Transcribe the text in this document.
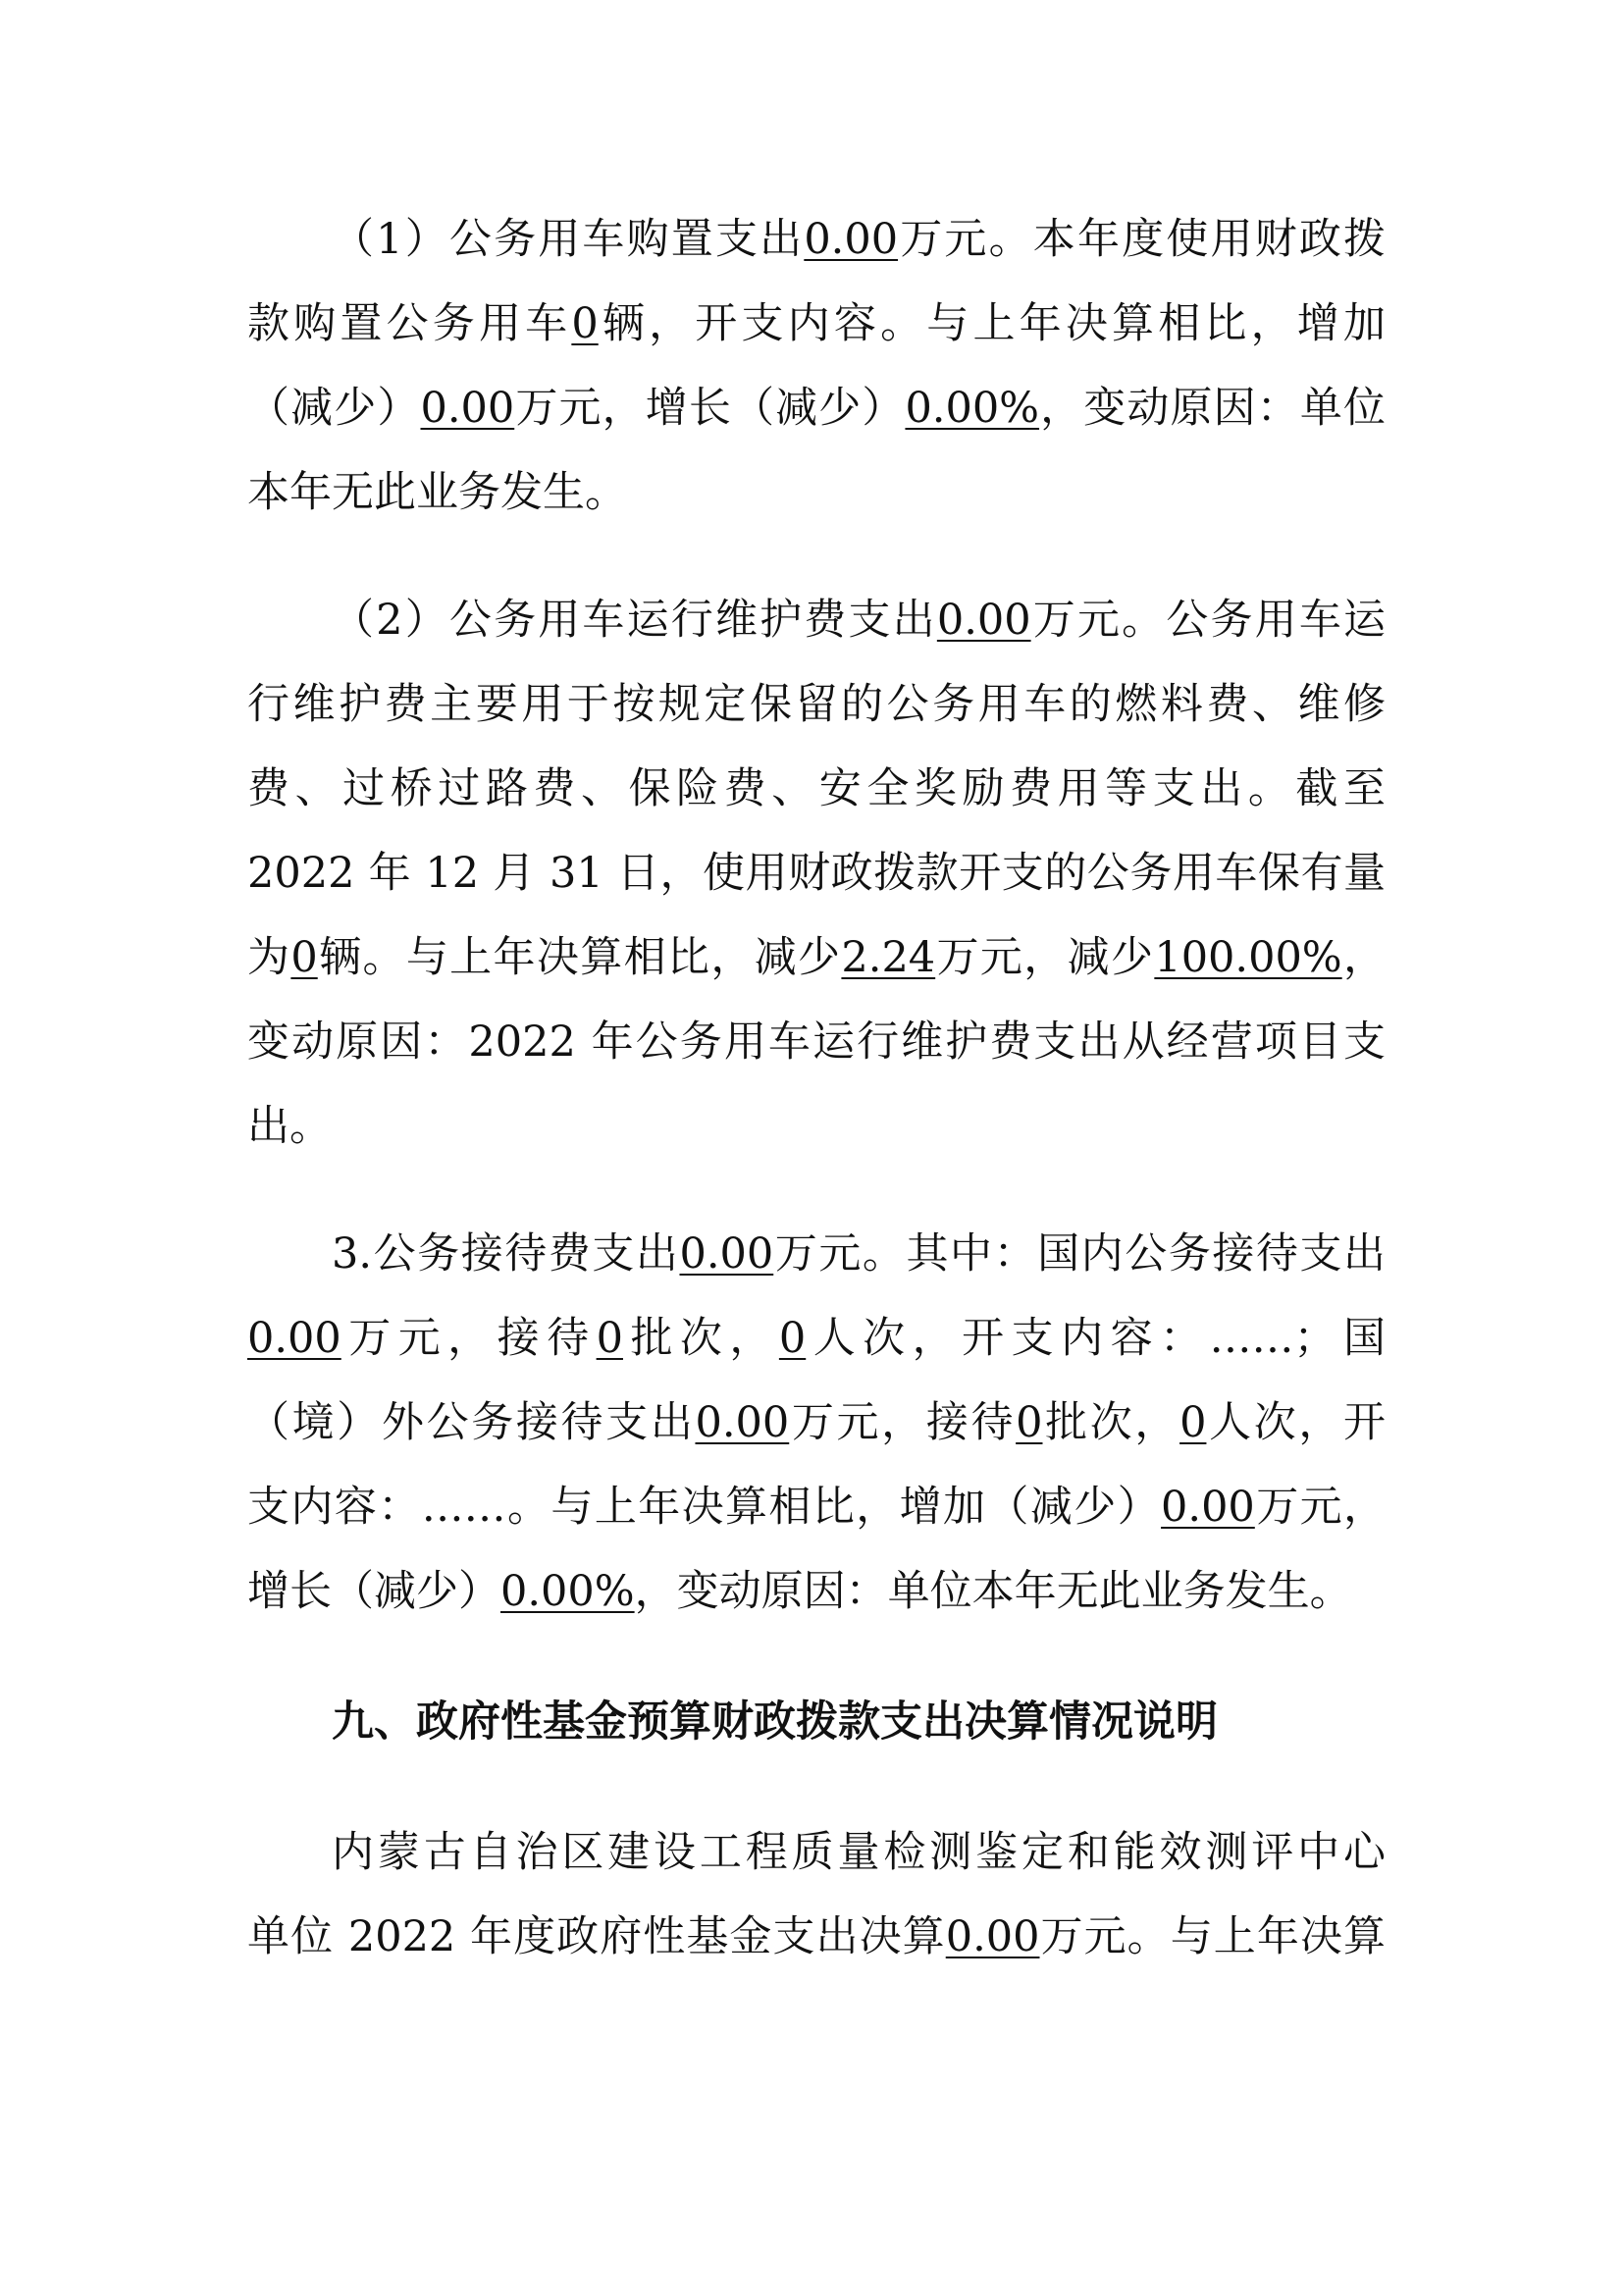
（1）公务用车购置支出0.00万元。本年度使用财政拨
款购置公务用车0辆，开支内容。与上年决算相比，增加
（减少）0.00万元，增长（减少）0.00%，变动原因：单位
本年无此业务发生。
（2）公务用车运行维护费支出0.00万元。公务用车运
行维护费主要用于按规定保留的公务用车的燃料费、维修
费、过桥过路费、保险费、安全奖励费用等支出。截至
2022 年 12 月 31 日，使用财政拨款开支的公务用车保有量
为0辆。与上年决算相比，减少2.24万元，减少100.00%，
变动原因：2022 年公务用车运行维护费支出从经营项目支
出。
3.公务接待费支出0.00万元。其中：国内公务接待支出
0.00万元，接待0批次，0人次，开支内容：……；国
（境）外公务接待支出0.00万元，接待0批次，0人次，开
支内容：……。与上年决算相比，增加（减少）0.00万元，
增长（减少）0.00%，变动原因：单位本年无此业务发生。
九、政府性基金预算财政拨款支出决算情况说明
内蒙古自治区建设工程质量检测鉴定和能效测评中心
单位 2022 年度政府性基金支出决算0.00万元。与上年决算
